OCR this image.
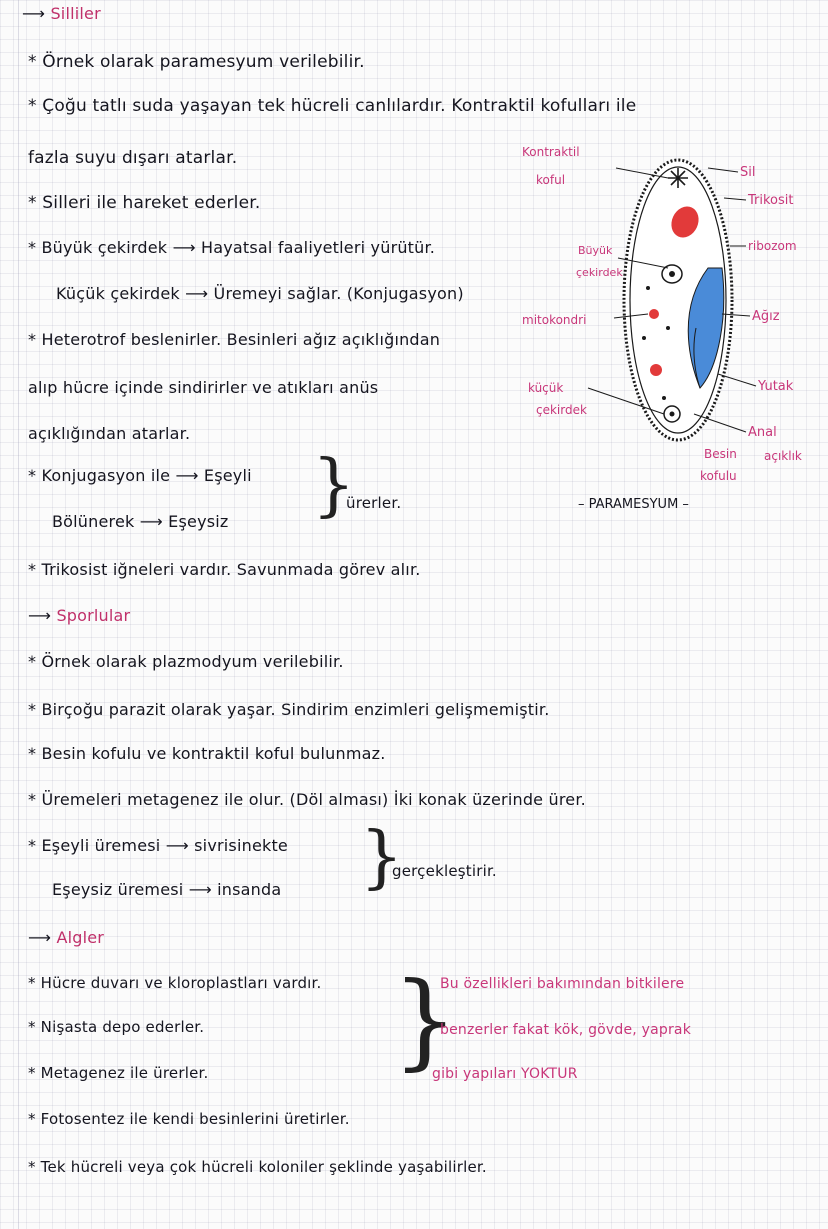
⟶ Silliler
* Örnek olarak paramesyum verilebilir.
* Çoğu tatlı suda yaşayan tek hücreli canlılardır. Kontraktil kofulları ile
fazla suyu dışarı atarlar.
* Silleri ile hareket ederler.
* Büyük çekirdek ⟶ Hayatsal faaliyetleri yürütür.
Küçük çekirdek ⟶ Üremeyi sağlar. (Konjugasyon)
* Heterotrof beslenirler. Besinleri ağız açıklığından
alıp hücre içinde sindirirler ve atıkları anüs
açıklığından atarlar.
* Konjugasyon ile ⟶ Eşeyli
Bölünerek ⟶ Eşeysiz }
ürerler.
* Trikosist iğneleri vardır. Savunmada görev alır.
Kontraktil
koful
Büyük
çekirdek
mitokondri
küçük
çekirdek
Sil
Trikosit
ribozom
Ağız
Yutak
Anal
açıklık
Besin
kofulu
– PARAMESYUM –
⟶ Sporlular
* Örnek olarak plazmodyum verilebilir.
* Birçoğu parazit olarak yaşar. Sindirim enzimleri gelişmemiştir.
* Besin kofulu ve kontraktil koful bulunmaz.
* Üremeleri metagenez ile olur. (Döl alması) İki konak üzerinde ürer.
* Eşeyli üremesi ⟶ sivrisinekte
Eşeysiz üremesi ⟶ insanda }
gerçekleştirir.
⟶ Algler
* Hücre duvarı ve kloroplastları vardır.
* Nişasta depo ederler.
* Metagenez ile ürerler. }
Bu özellikleri bakımından bitkilere
benzerler fakat kök, gövde, yaprak
gibi yapıları YOKTUR
* Fotosentez ile kendi besinlerini üretirler.
* Tek hücreli veya çok hücreli koloniler şeklinde yaşabilirler.
